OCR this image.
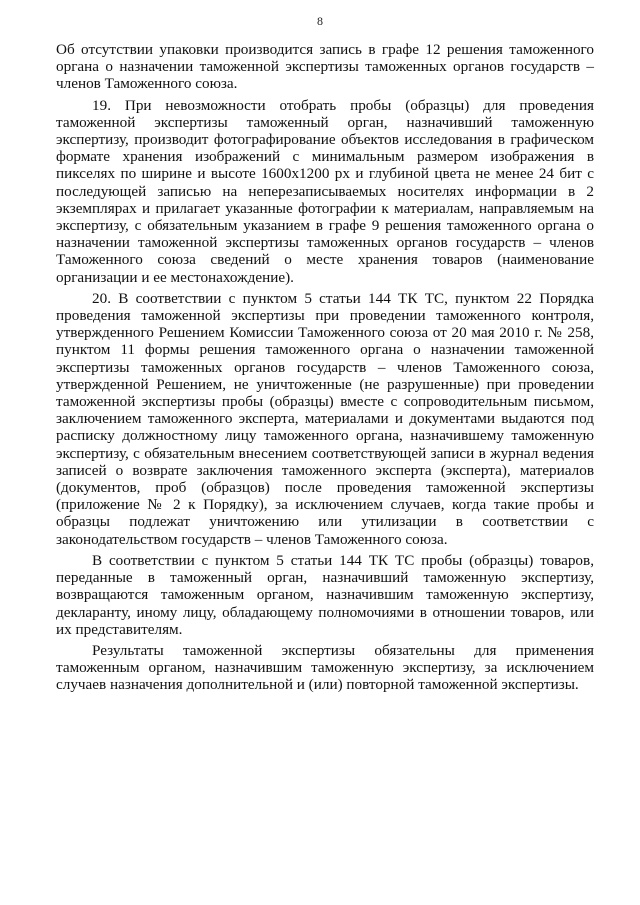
8

Об отсутствии упаковки производится запись в графе 12 решения таможенного органа о назначении таможенной экспертизы таможенных органов государств – членов Таможенного союза.

19. При невозможности отобрать пробы (образцы) для проведения таможенной экспертизы таможенный орган, назначивший таможенную экспертизу, производит фотографирование объектов исследования в графическом формате хранения изображений с минимальным размером изображения в пикселях по ширине и высоте 1600x1200 px и глубиной цвета не менее 24 бит с последующей записью на неперезаписываемых носителях информации в 2 экземплярах и прилагает указанные фотографии к материалам, направляемым на экспертизу, с обязательным указанием в графе 9 решения таможенного органа о назначении таможенной экспертизы таможенных органов государств – членов Таможенного союза сведений о месте хранения товаров (наименование организации и ее местонахождение).

20. В соответствии с пунктом 5 статьи 144 ТК ТС, пунктом 22 Порядка проведения таможенной экспертизы при проведении таможенного контроля, утвержденного Решением Комиссии Таможенного союза от 20 мая 2010 г. № 258, пунктом 11 формы решения таможенного органа о назначении таможенной экспертизы таможенных органов государств – членов Таможенного союза, утвержденной Решением, не уничтоженные (не разрушенные) при проведении таможенной экспертизы пробы (образцы) вместе с сопроводительным письмом, заключением таможенного эксперта, материалами и документами выдаются под расписку должностному лицу таможенного органа, назначившему таможенную экспертизу, с обязательным внесением соответствующей записи в журнал ведения записей о возврате заключения таможенного эксперта (эксперта), материалов (документов, проб (образцов) после проведения таможенной экспертизы (приложение № 2 к Порядку), за исключением случаев, когда такие пробы и образцы подлежат уничтожению или утилизации в соответствии с законодательством государств – членов Таможенного союза.

В соответствии с пунктом 5 статьи 144 ТК ТС пробы (образцы) товаров, переданные в таможенный орган, назначивший таможенную экспертизу, возвращаются таможенным органом, назначившим таможенную экспертизу, декларанту, иному лицу, обладающему полномочиями в отношении товаров, или их представителям.

Результаты таможенной экспертизы обязательны для применения таможенным органом, назначившим таможенную экспертизу, за исключением случаев назначения дополнительной и (или) повторной таможенной экспертизы.
